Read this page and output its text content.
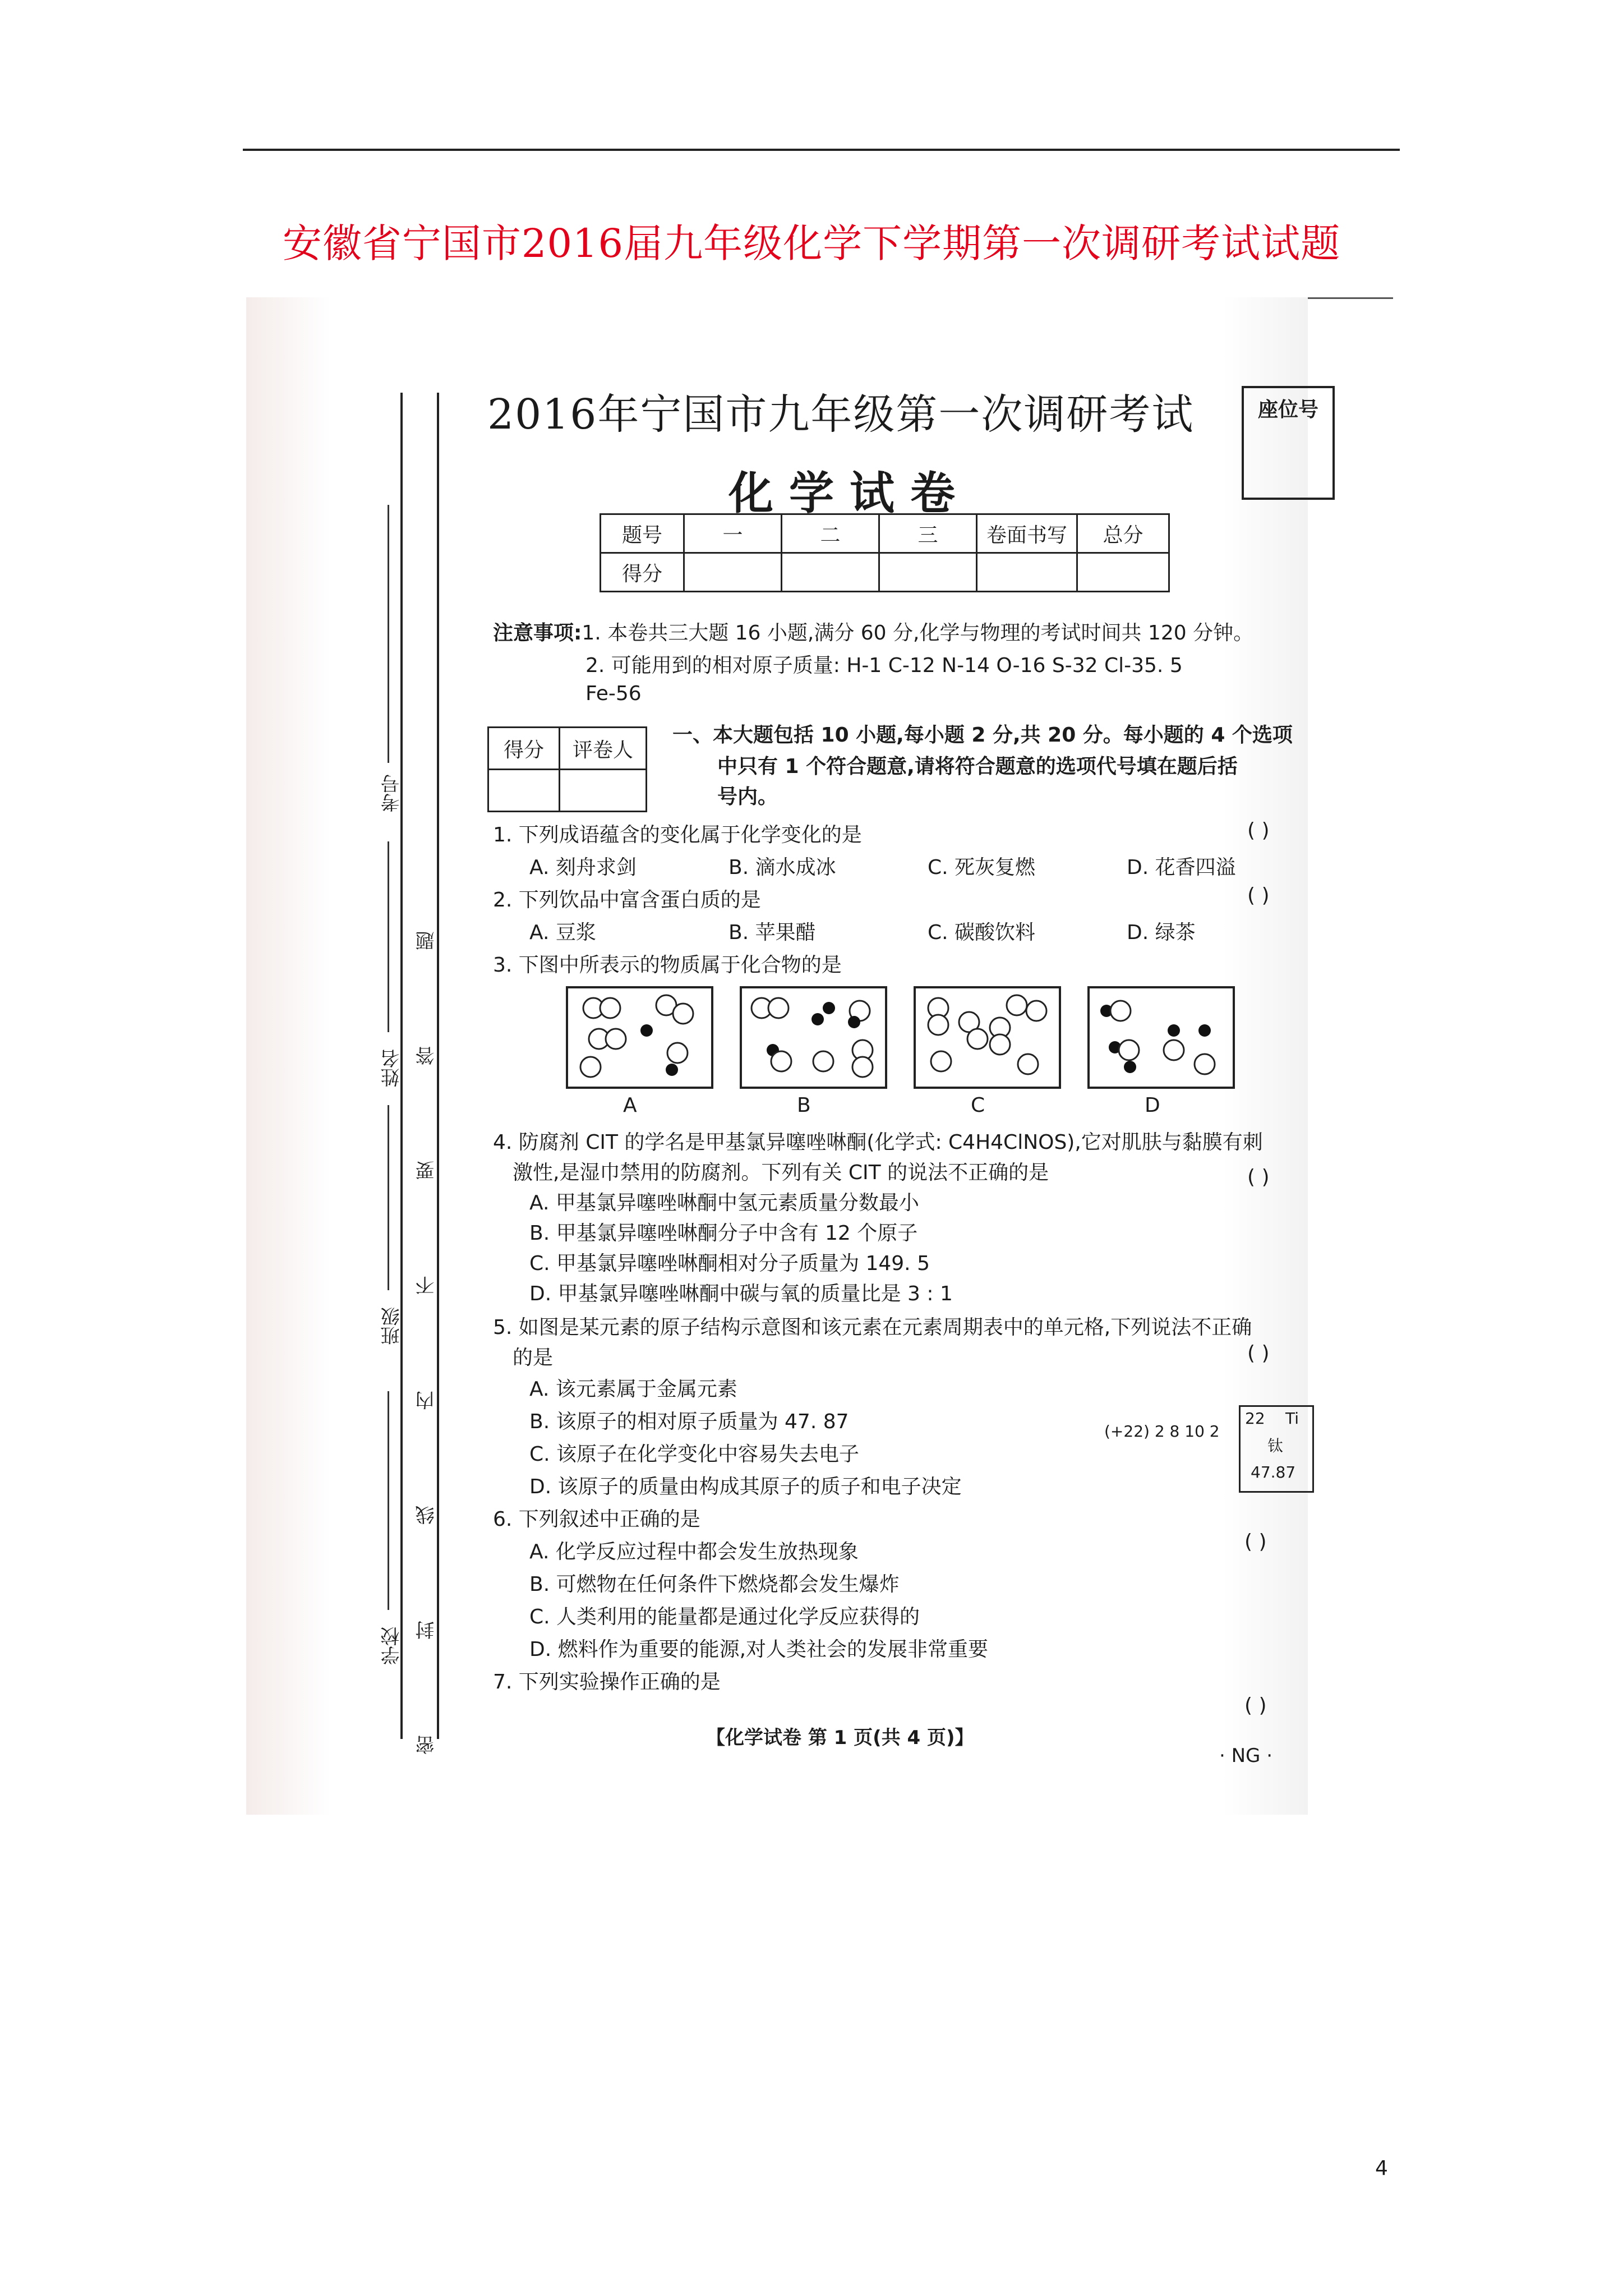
安徽省宁国市2016届九年级化学下学期第一次调研考试试题
考号
姓名
班级
学校 密 封 线 内 不 要 答 题
2016年宁国市九年级第一次调研考试
化学试卷
座位号
题号	一	二	三	卷面书写	总分
得分					
注意事项:1. 本卷共三大题 16 小题,满分 60 分,化学与物理的考试时间共 120 分钟。
2. 可能用到的相对原子质量: H-1 C-12 N-14 O-16 S-32 Cl-35. 5
Fe-56
得分	评卷人

一、本大题包括 10 小题,每小题 2 分,共 20 分。每小题的 4 个选项
中只有 1 个符合题意,请将符合题意的选项代号填在题后括
号内。
1. 下列成语蕴含的变化属于化学变化的是	( )
A. 刻舟求剑	B. 滴水成冰	C. 死灰复燃	D. 花香四溢
2. 下列饮品中富含蛋白质的是	( )
A. 豆浆	B. 苹果醋	C. 碳酸饮料	D. 绿茶
3. 下图中所表示的物质属于化合物的是
A	B	C	D
4. 防腐剂 CIT 的学名是甲基氯异噻唑啉酮(化学式: C4H4ClNOS),它对肌肤与黏膜有刺
激性,是湿巾禁用的防腐剂。下列有关 CIT 的说法不正确的是	( )
A. 甲基氯异噻唑啉酮中氢元素质量分数最小
B. 甲基氯异噻唑啉酮分子中含有 12 个原子
C. 甲基氯异噻唑啉酮相对分子质量为 149. 5
D. 甲基氯异噻唑啉酮中碳与氧的质量比是 3 : 1
5. 如图是某元素的原子结构示意图和该元素在元素周期表中的单元格,下列说法不正确
的是	( )
A. 该元素属于金属元素
B. 该原子的相对原子质量为 47. 87
C. 该原子在化学变化中容易失去电子
D. 该原子的质量由构成其原子的质子和电子决定
(+22) 2 8 10 2
22 Ti
钛
47.87
6. 下列叙述中正确的是
( )
A. 化学反应过程中都会发生放热现象
B. 可燃物在任何条件下燃烧都会发生爆炸
C. 人类利用的能量都是通过化学反应获得的
D. 燃料作为重要的能源,对人类社会的发展非常重要
7. 下列实验操作正确的是
( )
【化学试卷 第 1 页(共 4 页)】
· NG ·
4
